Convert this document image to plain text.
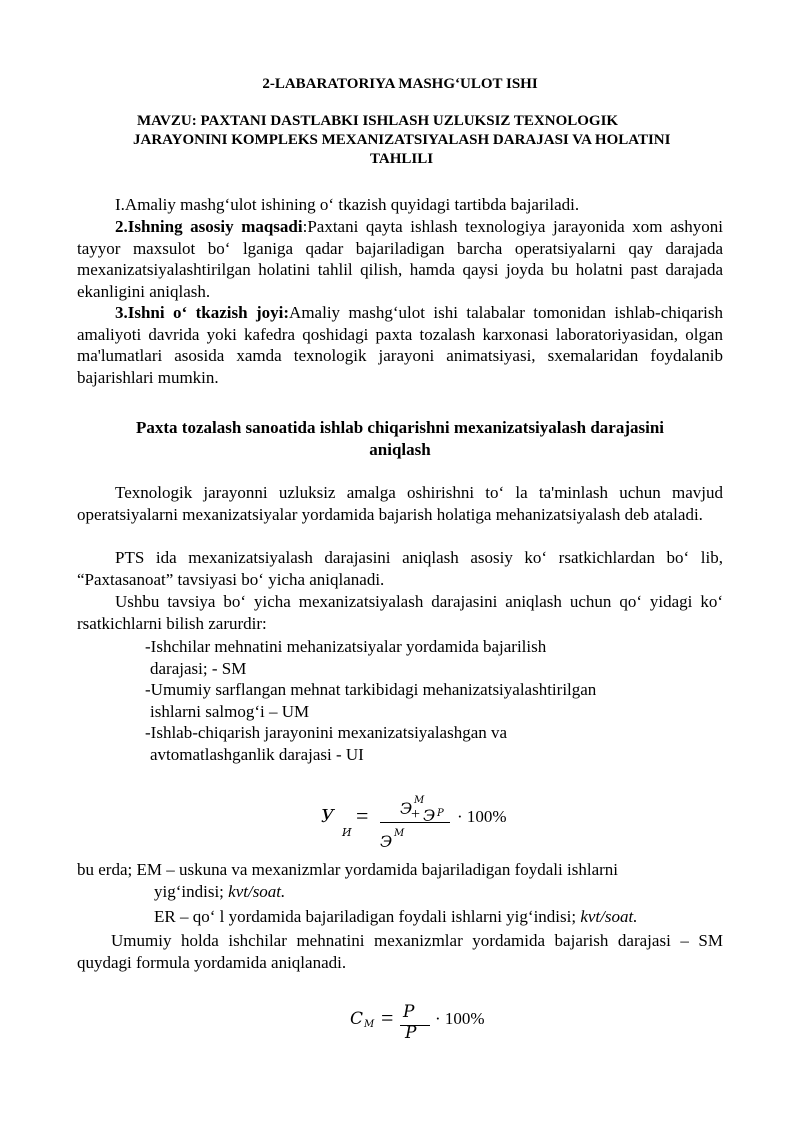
2-LABARATORIYA MASHG‘ULOT ISHI
MAVZU: PAXTANI DASTLABKI ISHLASH UZLUKSIZ TEXNOLOGIK
JARAYONINI KOMPLEKS MEXANIZATSIYALASH DARAJASI VA HOLATINI
TAHLILI
I.Amaliy mashg‘ulot ishining o‘ tkazish quyidagi tartibda bajariladi.
2.Ishning asosiy maqsadi:Paxtani qayta ishlash texnologiya jarayonida xom ashyoni tayyor maxsulot bo‘ lganiga qadar bajariladigan barcha operatsiyalarni qay darajada mexanizatsiyalashtirilgan holatini tahlil qilish, hamda qaysi joyda bu holatni past darajada ekanligini aniqlash.
3.Ishni o‘ tkazish joyi:Amaliy mashg‘ulot ishi talabalar tomonidan ishlab-chiqarish amaliyoti davrida yoki kafedra qoshidagi paxta tozalash karxonasi laboratoriyasidan, olgan ma'lumatlari asosida xamda texnologik jarayoni animatsiyasi, sxemalaridan foydalanib bajarishlari mumkin.
Paxta tozalash sanoatida ishlab chiqarishni mexanizatsiyalash darajasini
aniqlash
Texnologik jarayonni uzluksiz amalga oshirishni to‘ la ta'minlash uchun mavjud operatsiyalarni mexanizatsiyalar yordamida bajarish holatiga mehanizatsiyalash deb ataladi.
PTS ida mexanizatsiyalash darajasini aniqlash asosiy ko‘ rsatkichlardan bo‘ lib, “Paxtasanoat” tavsiyasi bo‘ yicha aniqlanadi.
Ushbu tavsiya bo‘ yicha mexanizatsiyalash darajasini aniqlash uchun qo‘ yidagi ko‘ rsatkichlarni bilish zarurdir:
-Ishchilar mehnatini mehanizatsiyalar yordamida bajarilish
darajasi; - SM
-Umumiy sarflangan mehnat tarkibidagi mehanizatsiyalashtirilgan
ishlarni salmog‘i – UM
-Ishlab-chiqarish jarayonini mexanizatsiyalashgan va
avtomatlashganlik darajasi - UI
У
И
= Э М
+ Э Р
Э М
· 100%
bu erda; EM – uskuna va mexanizmlar yordamida bajariladigan foydali ishlarni
yig‘indisi; kvt/soat.
ER – qo‘ l yordamida bajariladigan foydali ishlarni yig‘indisi; kvt/soat.
Umumiy holda ishchilar mehnatini mexanizmlar yordamida bajarish darajasi – SM quydagi formula yordamida aniqlanadi.
С М = Р
Р
· 100%
